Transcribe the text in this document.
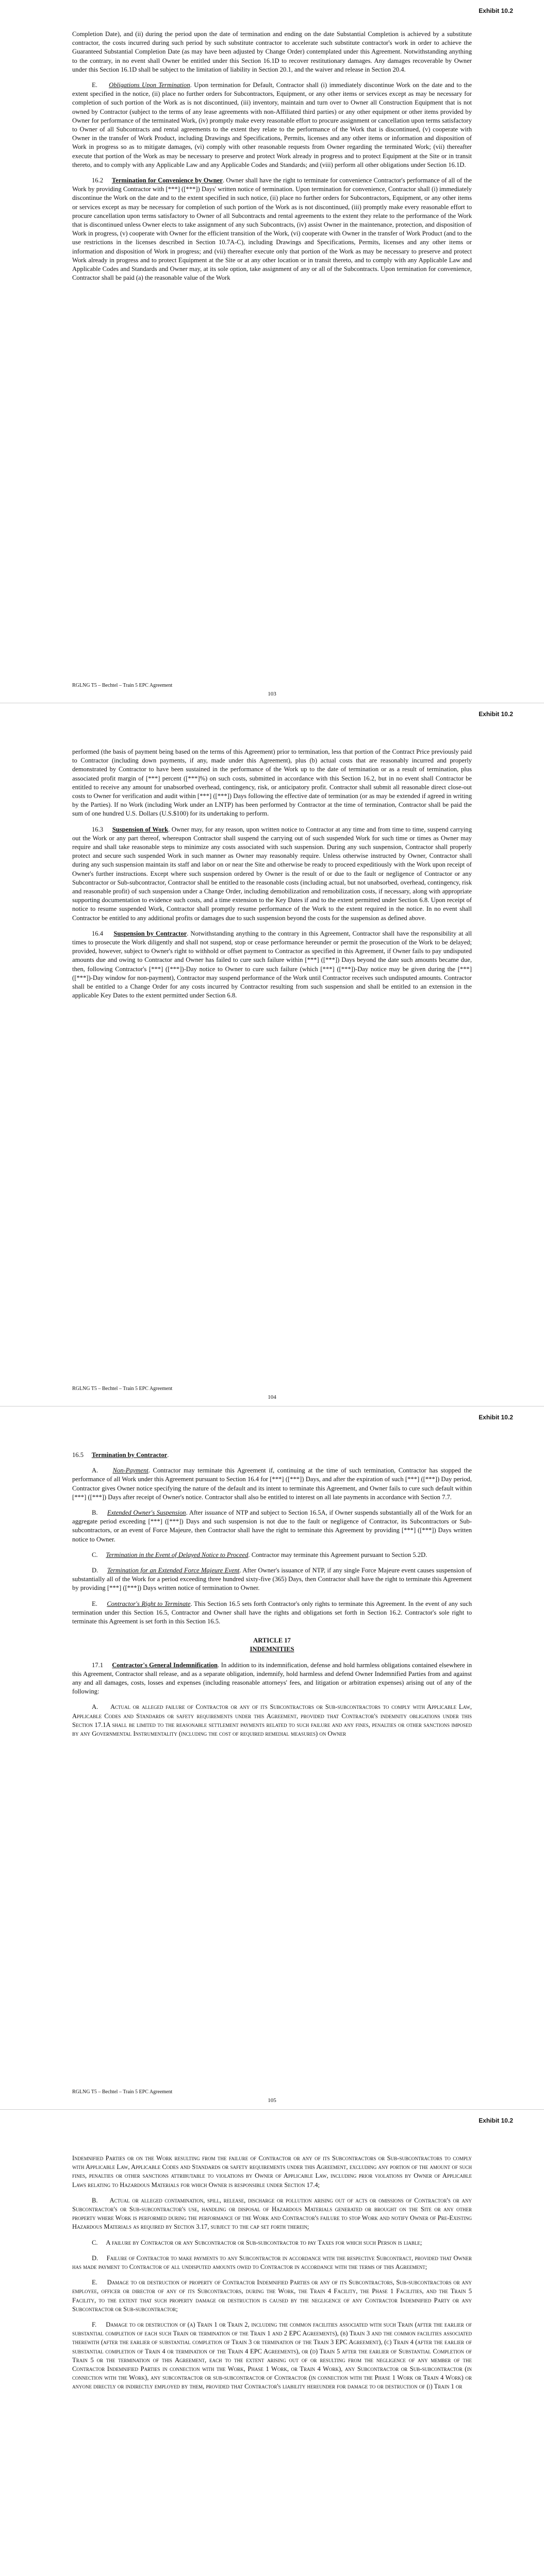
Exhibit 10.2

Completion Date), and (ii) during the period upon the date of termination and ending on the date Substantial Completion is achieved by a substitute contractor, the costs incurred during such period by such substitute contractor to accelerate such substitute contractor's work in order to achieve the Guaranteed Substantial Completion Date (as may have been adjusted by Change Order) contemplated under this Agreement. Notwithstanding anything to the contrary, in no event shall Owner be entitled under this Section 16.1D to recover restitutionary damages. Any damages recoverable by Owner under this Section 16.1D shall be subject to the limitation of liability in Section 20.1, and the waiver and release in Section 20.4.

E. Obligations Upon Termination. Upon termination for Default, Contractor shall (i) immediately discontinue Work on the date and to the extent specified in the notice, (ii) place no further orders for Subcontractors, Equipment, or any other items or services except as may be necessary for completion of such portion of the Work as is not discontinued, (iii) inventory, maintain and turn over to Owner all Construction Equipment that is not owned by Contractor (subject to the terms of any lease agreements with non-Affiliated third parties) or any other equipment or other items provided by Owner for performance of the terminated Work, (iv) promptly make every reasonable effort to procure assignment or cancellation upon terms satisfactory to Owner of all Subcontracts and rental agreements to the extent they relate to the performance of the Work that is discontinued, (v) cooperate with Owner in the transfer of Work Product, including Drawings and Specifications, Permits, licenses and any other items or information and disposition of Work in progress so as to mitigate damages, (vi) comply with other reasonable requests from Owner regarding the terminated Work; (vii) thereafter execute that portion of the Work as may be necessary to preserve and protect Work already in progress and to protect Equipment at the Site or in transit thereto, and to comply with any Applicable Law and any Applicable Codes and Standards; and (viii) perform all other obligations under Section 16.1D.

16.2 Termination for Convenience by Owner. Owner shall have the right to terminate for convenience Contractor's performance of all of the Work by providing Contractor with [***] ([***]) Days' written notice of termination. Upon termination for convenience, Contractor shall (i) immediately discontinue the Work on the date and to the extent specified in such notice, (ii) place no further orders for Subcontractors, Equipment, or any other items or services except as may be necessary for completion of such portion of the Work as is not discontinued, (iii) promptly make every reasonable effort to procure cancellation upon terms satisfactory to Owner of all Subcontracts and rental agreements to the extent they relate to the performance of the Work that is discontinued unless Owner elects to take assignment of any such Subcontracts, (iv) assist Owner in the maintenance, protection, and disposition of Work in progress, (v) cooperate with Owner for the efficient transition of the Work, (vi) cooperate with Owner in the transfer of Work Product (and to the use restrictions in the licenses described in Section 10.7A-C), including Drawings and Specifications, Permits, licenses and any other items or information and disposition of Work in progress; and (vii) thereafter execute only that portion of the Work as may be necessary to preserve and protect Work already in progress and to protect Equipment at the Site or at any other location or in transit thereto, and to comply with any Applicable Law and Applicable Codes and Standards and Owner may, at its sole option, take assignment of any or all of the Subcontracts. Upon termination for convenience, Contractor shall be paid (a) the reasonable value of the Work

RGLNG T5 – Bechtel – Train 5 EPC Agreement
103
Exhibit 10.2

performed (the basis of payment being based on the terms of this Agreement) prior to termination, less that portion of the Contract Price previously paid to Contractor (including down payments, if any, made under this Agreement), plus (b) actual costs that are reasonably incurred and properly demonstrated by Contractor to have been sustained in the performance of the Work up to the date of termination or as a result of termination, plus associated profit margin of [***] percent ([***]%) on such costs, submitted in accordance with this Section 16.2, but in no event shall Contractor be entitled to receive any amount for unabsorbed overhead, contingency, risk, or anticipatory profit. Contractor shall submit all reasonable direct close-out costs to Owner for verification and audit within [***] ([***]) Days following the effective date of termination (or as may be extended if agreed in writing by the Parties). If no Work (including Work under an LNTP) has been performed by Contractor at the time of termination, Contractor shall be paid the sum of one hundred U.S. Dollars (U.S.$100) for its undertaking to perform.

16.3 Suspension of Work. Owner may, for any reason, upon written notice to Contractor at any time and from time to time, suspend carrying out the Work or any part thereof, whereupon Contractor shall suspend the carrying out of such suspended Work for such time or times as Owner may require and shall take reasonable steps to minimize any costs associated with such suspension. During any such suspension, Contractor shall properly protect and secure such suspended Work in such manner as Owner may reasonably require. Unless otherwise instructed by Owner, Contractor shall during any such suspension maintain its staff and labor on or near the Site and otherwise be ready to proceed expeditiously with the Work upon receipt of Owner's further instructions. Except where such suspension ordered by Owner is the result of or due to the fault or negligence of Contractor or any Subcontractor or Sub-subcontractor, Contractor shall be entitled to the reasonable costs (including actual, but not unabsorbed, overhead, contingency, risk and reasonable profit) of such suspension under a Change Order, including demobilization and remobilization costs, if necessary, along with appropriate supporting documentation to evidence such costs, and a time extension to the Key Dates if and to the extent permitted under Section 6.8. Upon receipt of notice to resume suspended Work, Contractor shall promptly resume performance of the Work to the extent required in the notice. In no event shall Contractor be entitled to any additional profits or damages due to such suspension beyond the costs for the suspension as defined above.

16.4 Suspension by Contractor. Notwithstanding anything to the contrary in this Agreement, Contractor shall have the responsibility at all times to prosecute the Work diligently and shall not suspend, stop or cease performance hereunder or permit the prosecution of the Work to be delayed; provided, however, subject to Owner's right to withhold or offset payment to Contractor as specified in this Agreement, if Owner fails to pay undisputed amounts due and owing to Contractor and Owner has failed to cure such failure within [***] ([***]) Days beyond the date such amounts became due, then, following Contractor's [***] ([***])-Day notice to Owner to cure such failure (which [***] ([***])-Day notice may be given during the [***] ([***])-Day window for non-payment), Contractor may suspend performance of the Work until Contractor receives such undisputed amounts. Contractor shall be entitled to a Change Order for any costs incurred by Contractor resulting from such suspension and shall be entitled to an extension in the applicable Key Dates to the extent permitted under Section 6.8.

RGLNG T5 – Bechtel – Train 5 EPC Agreement
104
Exhibit 10.2

16.5 Termination by Contractor.

A. Non-Payment. Contractor may terminate this Agreement if, continuing at the time of such termination, Contractor has stopped the performance of all Work under this Agreement pursuant to Section 16.4 for [***] ([***]) Days, and after the expiration of such [***] ([***]) Day period, Contractor gives Owner notice specifying the nature of the default and its intent to terminate this Agreement, and Owner fails to cure such default within [***] ([***]) Days after receipt of Owner's notice. Contractor shall also be entitled to interest on all late payments in accordance with Section 7.7.

B. Extended Owner's Suspension. After issuance of NTP and subject to Section 16.5A, if Owner suspends substantially all of the Work for an aggregate period exceeding [***] ([***]) Days and such suspension is not due to the fault or negligence of Contractor, its Subcontractors or Sub-subcontractors, or an event of Force Majeure, then Contractor shall have the right to terminate this Agreement by providing [***] ([***]) Days written notice to Owner.

C. Termination in the Event of Delayed Notice to Proceed. Contractor may terminate this Agreement pursuant to Section 5.2D.

D. Termination for an Extended Force Majeure Event. After Owner's issuance of NTP, if any single Force Majeure event causes suspension of substantially all of the Work for a period exceeding three hundred sixty-five (365) Days, then Contractor shall have the right to terminate this Agreement by providing [***] ([***]) Days written notice of termination to Owner.

E. Contractor's Right to Terminate. This Section 16.5 sets forth Contractor's only rights to terminate this Agreement. In the event of any such termination under this Section 16.5, Contractor and Owner shall have the rights and obligations set forth in Section 16.2. Contractor's sole right to terminate this Agreement is set forth in this Section 16.5.

ARTICLE 17
INDEMNITIES

17.1 Contractor's General Indemnification. In addition to its indemnification, defense and hold harmless obligations contained elsewhere in this Agreement, Contractor shall release, and as a separate obligation, indemnify, hold harmless and defend Owner Indemnified Parties from and against any and all damages, costs, losses and expenses (including reasonable attorneys' fees, and litigation or arbitration expenses) arising out of any of the following:

A. Actual or alleged failure of Contractor or any of its Subcontractors or Sub-subcontractors to comply with Applicable Law, Applicable Codes and Standards or safety requirements under this Agreement, provided that Contractor's indemnity obligations under this Section 17.1A shall be limited to the reasonable settlement payments related to such failure and any fines, penalties or other sanctions imposed by any Governmental Instrumentality (including the cost of required remedial measures) on Owner

RGLNG T5 – Bechtel – Train 5 EPC Agreement
105
Exhibit 10.2

Indemnified Parties or on the Work resulting from the failure of Contractor or any of its Subcontractors or Sub-subcontractors to comply with Applicable Law, Applicable Codes and Standards or safety requirements under this Agreement, excluding any portion of the amount of such fines, penalties or other sanctions attributable to violations by Owner of Applicable Law, including prior violations by Owner of Applicable Laws relating to Hazardous Materials for which Owner is responsible under Section 17.4;

B. Actual or alleged contamination, spill, release, discharge or pollution arising out of acts or omissions of Contractor's or any Subcontractor's or Sub-subcontractor's use, handling or disposal of Hazardous Materials generated or brought on the Site or any other property where Work is performed during the performance of the Work and Contractor's failure to stop Work and notify Owner of Pre-Existing Hazardous Materials as required by Section 3.17, subject to the cap set forth therein;

C. A failure by Contractor or any Subcontractor or Sub-subcontractor to pay Taxes for which such Person is liable;

D. Failure of Contractor to make payments to any Subcontractor in accordance with the respective Subcontract, provided that Owner has made payment to Contractor of all undisputed amounts owed to Contractor in accordance with the terms of this Agreement;

E. Damage to or destruction of property of Contractor Indemnified Parties or any of its Subcontractors, Sub-subcontractors or any employee, officer or director of any of its Subcontractors, during the Work, the Train 4 Facility, the Phase 1 Facilities, and the Train 5 Facility, to the extent that such property damage or destruction is caused by the negligence of any Contractor Indemnified Party or any Subcontractor or Sub-subcontractor;

F. Damage to or destruction of (a) Train 1 or Train 2, including the common facilities associated with such Train (after the earlier of substantial completion of each such Train or termination of the Train 1 and 2 EPC Agreements), (b) Train 3 and the common facilities associated therewith (after the earlier of substantial completion of Train 3 or termination of the Train 3 EPC Agreement), (c) Train 4 (after the earlier of substantial completion of Train 4 or termination of the Train 4 EPC Agreements), or (d) Train 5 after the earlier of Substantial Completion of Train 5 or the termination of this Agreement, each to the extent arising out of or resulting from the negligence of any member of the Contractor Indemnified Parties in connection with the Work, Phase 1 Work, or Train 4 Work), any Subcontractor or Sub-subcontractor (in connection with the Work), any subcontractor or sub-subcontractor of Contractor (in connection with the Phase 1 Work or Train 4 Work) or anyone directly or indirectly employed by them, provided that Contractor's liability hereunder for damage to or destruction of (i) Train 1 or
